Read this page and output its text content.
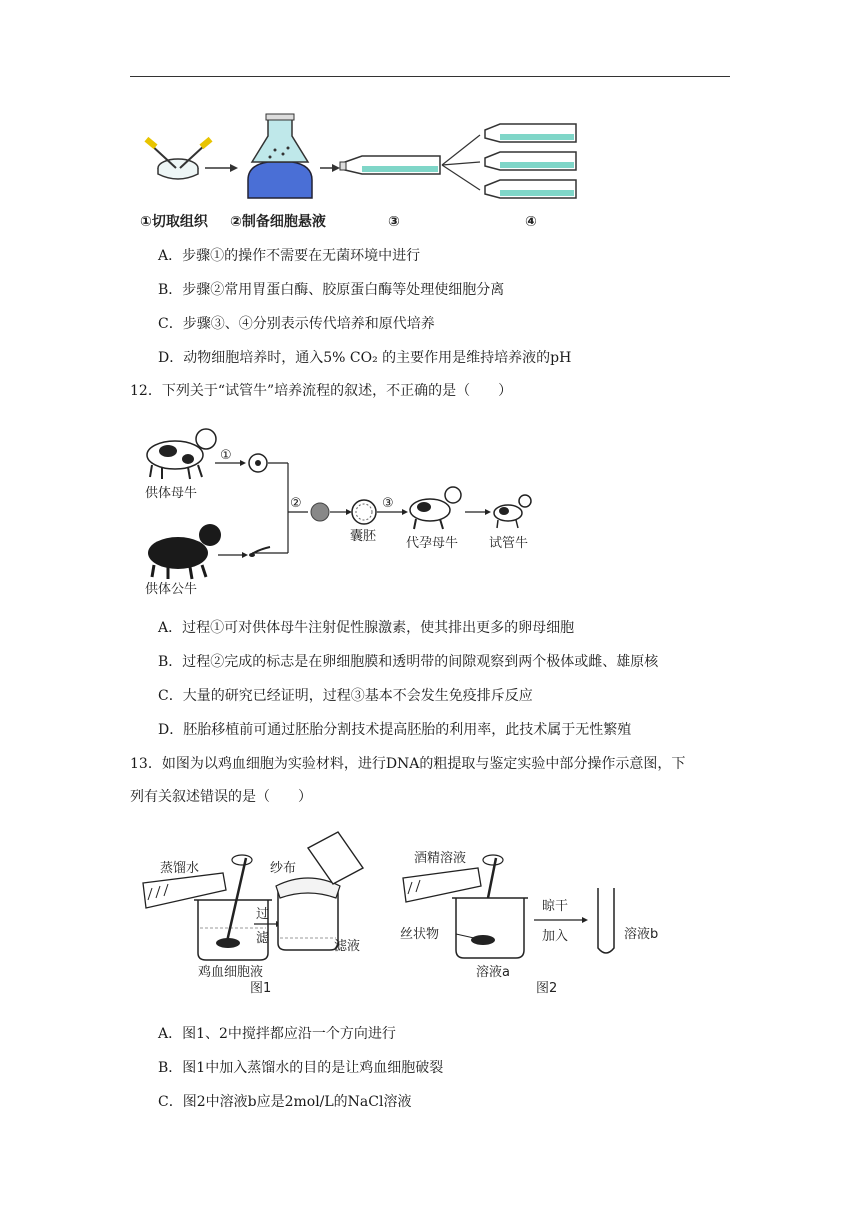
①切取组织 ②制备细胞悬液	③	④
A．步骤①的操作不需要在无菌环境中进行
B．步骤②常用胃蛋白酶、胶原蛋白酶等处理使细胞分离
C．步骤③、④分别表示传代培养和原代培养
D．动物细胞培养时，通入5% CO₂ 的主要作用是维持培养液的pH
12．下列关于“试管牛”培养流程的叙述，不正确的是（　　）
①
供体母牛
②
囊胚
③
代孕母牛 试管牛
供体公牛
A．过程①可对供体母牛注射促性腺激素，使其排出更多的卵母细胞
B．过程②完成的标志是在卵细胞膜和透明带的间隙观察到两个极体或雌、雄原核
C．大量的研究已经证明，过程③基本不会发生免疫排斥反应
D．胚胎移植前可通过胚胎分割技术提高胚胎的利用率，此技术属于无性繁殖
13．如图为以鸡血细胞为实验材料，进行DNA的粗提取与鉴定实验中部分操作示意图，下
列有关叙述错误的是（　　）
蒸馏水
鸡血细胞液
图1
过
滤
纱布
滤液
酒精溶液
丝状物
溶液a
图2
晾干
加入	溶液b
A．图1、2中搅拌都应沿一个方向进行
B．图1中加入蒸馏水的目的是让鸡血细胞破裂
C．图2中溶液b应是2mol/L的NaCl溶液
